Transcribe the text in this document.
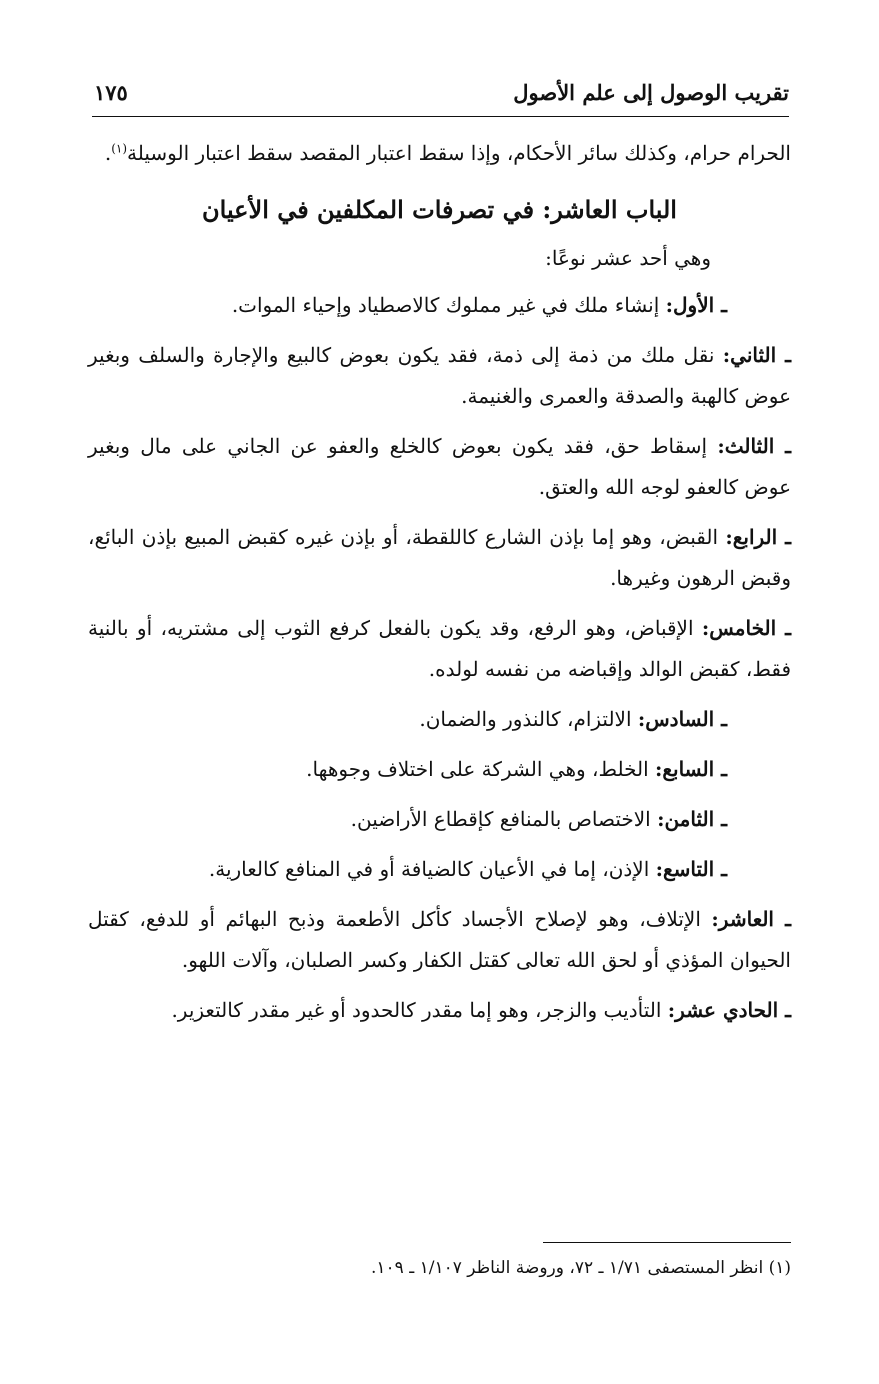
تقريب الوصول إلى علم الأصول
١٧٥

الحرام حرام، وكذلك سائر الأحكام، وإذا سقط اعتبار المقصد سقط اعتبار الوسيلة$^{(١)}$.

الباب العاشر: في تصرفات المكلفين في الأعيان

وهي أحد عشر نوعًا:

ـ الأول: إنشاء ملك في غير مملوك كالاصطياد وإحياء الموات.

ـ الثاني: نقل ملك من ذمة إلى ذمة، فقد يكون بعوض كالبيع والإجارة والسلف وبغير عوض كالهبة والصدقة والعمرى والغنيمة.

ـ الثالث: إسقاط حق، فقد يكون بعوض كالخلع والعفو عن الجاني على مال وبغير عوض كالعفو لوجه الله والعتق.

ـ الرابع: القبض، وهو إما بإذن الشارع كاللقطة، أو بإذن غيره كقبض المبيع بإذن البائع، وقبض الرهون وغيرها.

ـ الخامس: الإقباض، وهو الرفع، وقد يكون بالفعل كرفع الثوب إلى مشتريه، أو بالنية فقط، كقبض الوالد وإقباضه من نفسه لولده.

ـ السادس: الالتزام، كالنذور والضمان.

ـ السابع: الخلط، وهي الشركة على اختلاف وجوهها.

ـ الثامن: الاختصاص بالمنافع كإقطاع الأراضين.

ـ التاسع: الإذن، إما في الأعيان كالضيافة أو في المنافع كالعارية.

ـ العاشر: الإتلاف، وهو لإصلاح الأجساد كأكل الأطعمة وذبح البهائم أو للدفع، كقتل الحيوان المؤذي أو لحق الله تعالى كقتل الكفار وكسر الصلبان، وآلات اللهو.

ـ الحادي عشر: التأديب والزجر، وهو إما مقدر كالحدود أو غير مقدر كالتعزير.

(١) انظر المستصفى ١/٧١ ـ ٧٢، وروضة الناظر ١/١٠٧ ـ ١٠٩.
